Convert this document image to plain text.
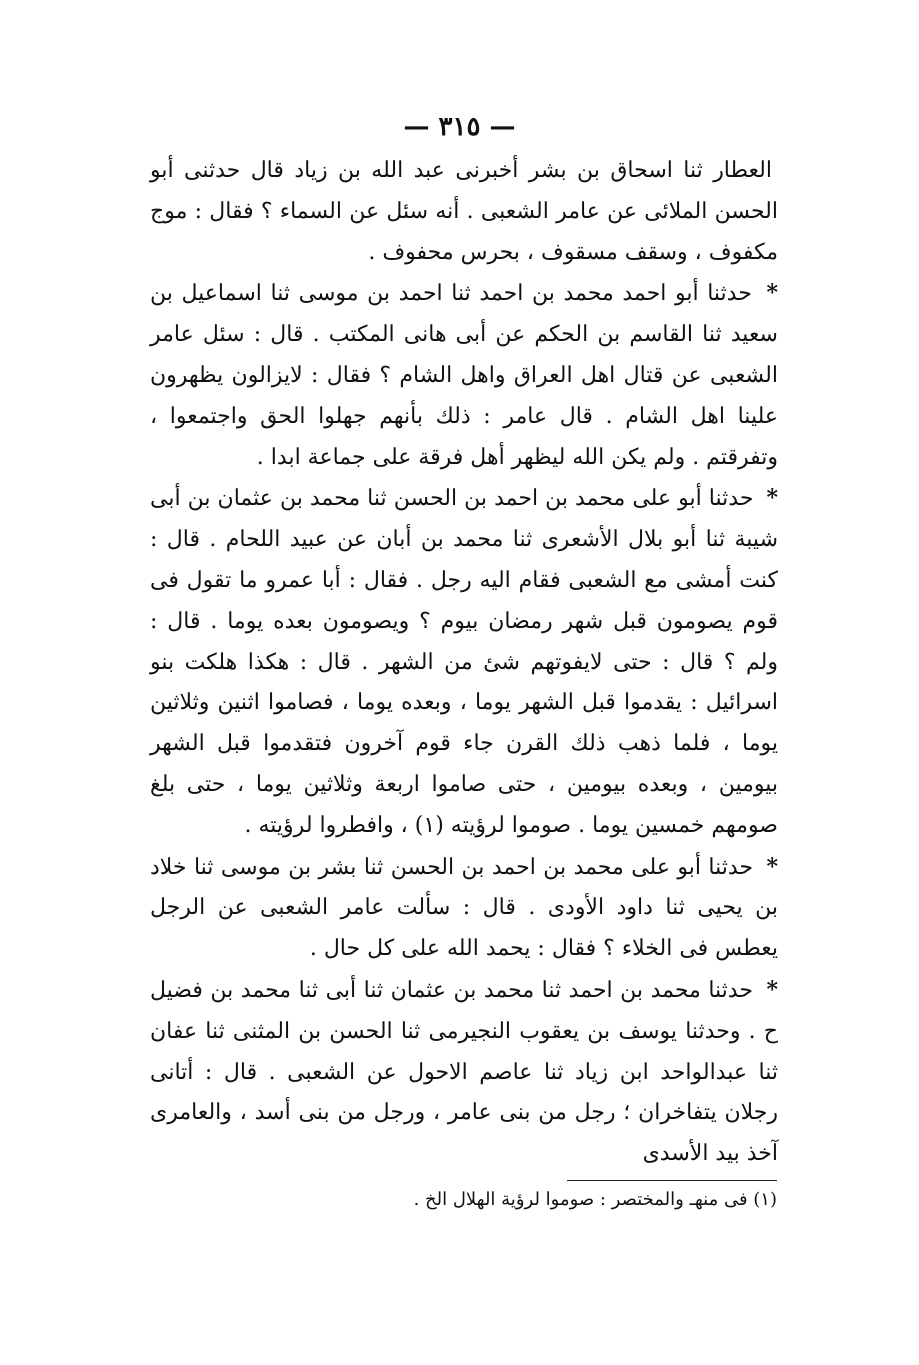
— ٣١٥ —

العطار ثنا اسحاق بن بشر أخبرنى عبد الله بن زياد قال حدثنى أبو الحسن الملائى عن عامر الشعبى . أنه سئل عن السماء ؟ فقال : موج مكفوف ، وسقف مسقوف ، بحرس محفوف .

* حدثنا أبو احمد محمد بن احمد ثنا احمد بن موسى ثنا اسماعيل بن سعيد ثنا القاسم بن الحكم عن أبى هانى المكتب . قال : سئل عامر الشعبى عن قتال اهل العراق واهل الشام ؟ فقال : لايزالون يظهرون علينا اهل الشام . قال عامر : ذلك بأنهم جهلوا الحق واجتمعوا ، وتفرقتم . ولم يكن الله ليظهر أهل فرقة على جماعة ابدا .

* حدثنا أبو على محمد بن احمد بن الحسن ثنا محمد بن عثمان بن أبى شيبة ثنا أبو بلال الأشعرى ثنا محمد بن أبان عن عبيد اللحام . قال : كنت أمشى مع الشعبى فقام اليه رجل . فقال : أبا عمرو ما تقول فى قوم يصومون قبل شهر رمضان بيوم ؟ ويصومون بعده يوما . قال : ولم ؟ قال : حتى لايفوتهم شئ من الشهر . قال : هكذا هلكت بنو اسرائيل : يقدموا قبل الشهر يوما ، وبعده يوما ، فصاموا اثنين وثلاثين يوما ، فلما ذهب ذلك القرن جاء قوم آخرون فتقدموا قبل الشهر بيومين ، وبعده بيومين ، حتى صاموا اربعة وثلاثين يوما ، حتى بلغ صومهم خمسين يوما . صوموا لرؤيته (١) ، وافطروا لرؤيته .

* حدثنا أبو على محمد بن احمد بن الحسن ثنا بشر بن موسى ثنا خلاد بن يحيى ثنا داود الأودى . قال : سألت عامر الشعبى عن الرجل يعطس فى الخلاء ؟ فقال : يحمد الله على كل حال .

* حدثنا محمد بن احمد ثنا محمد بن عثمان ثنا أبى ثنا محمد بن فضيل ح . وحدثنا يوسف بن يعقوب النجيرمى ثنا الحسن بن المثنى ثنا عفان ثنا عبدالواحد ابن زياد ثنا عاصم الاحول عن الشعبى . قال : أتانى رجلان يتفاخران ؛ رجل من بنى عامر ، ورجل من بنى أسد ، والعامرى آخذ بيد الأسدى

(١) فى منهـ والمختصر : صوموا لرؤية الهلال الخ .
